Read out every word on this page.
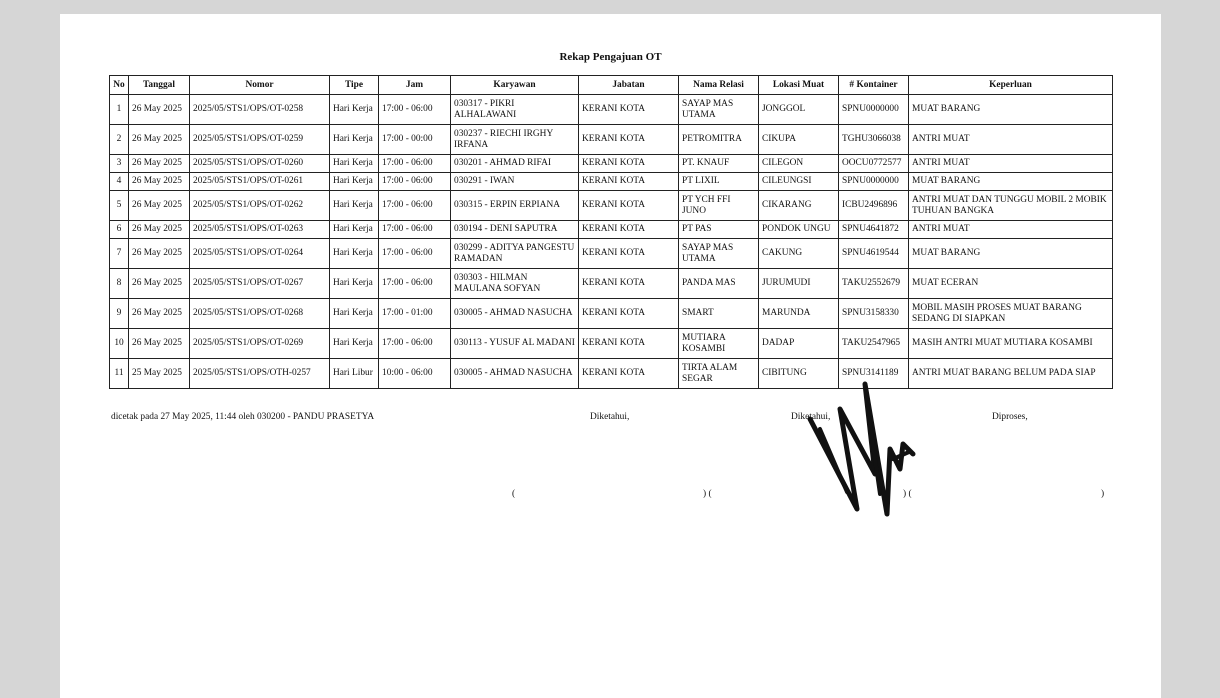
Rekap Pengajuan OT
No	Tanggal	Nomor	Tipe	Jam	Karyawan	Jabatan	Nama Relasi	Lokasi Muat	# Kontainer	Keperluan
1	26 May 2025	2025/05/STS1/OPS/OT-0258	Hari Kerja	17:00 - 06:00	030317 - PIKRI ALHALAWANI	KERANI KOTA	SAYAP MAS UTAMA	JONGGOL	SPNU0000000	MUAT BARANG
2	26 May 2025	2025/05/STS1/OPS/OT-0259	Hari Kerja	17:00 - 00:00	030237 - RIECHI IRGHY IRFANA	KERANI KOTA	PETROMITRA	CIKUPA	TGHU3066038	ANTRI MUAT
3	26 May 2025	2025/05/STS1/OPS/OT-0260	Hari Kerja	17:00 - 06:00	030201 - AHMAD RIFAI	KERANI KOTA	PT. KNAUF	CILEGON	OOCU0772577	ANTRI MUAT
4	26 May 2025	2025/05/STS1/OPS/OT-0261	Hari Kerja	17:00 - 06:00	030291 - IWAN	KERANI KOTA	PT LIXIL	CILEUNGSI	SPNU0000000	MUAT BARANG
5	26 May 2025	2025/05/STS1/OPS/OT-0262	Hari Kerja	17:00 - 06:00	030315 - ERPIN ERPIANA	KERANI KOTA	PT YCH FFI JUNO	CIKARANG	ICBU2496896	ANTRI MUAT DAN TUNGGU MOBIL 2 MOBIK TUHUAN BANGKA
6	26 May 2025	2025/05/STS1/OPS/OT-0263	Hari Kerja	17:00 - 06:00	030194 - DENI SAPUTRA	KERANI KOTA	PT PAS	PONDOK UNGU	SPNU4641872	ANTRI MUAT
7	26 May 2025	2025/05/STS1/OPS/OT-0264	Hari Kerja	17:00 - 06:00	030299 - ADITYA PANGESTU RAMADAN	KERANI KOTA	SAYAP MAS UTAMA	CAKUNG	SPNU4619544	MUAT BARANG
8	26 May 2025	2025/05/STS1/OPS/OT-0267	Hari Kerja	17:00 - 06:00	030303 - HILMAN MAULANA SOFYAN	KERANI KOTA	PANDA MAS	JURUMUDI	TAKU2552679	MUAT ECERAN
9	26 May 2025	2025/05/STS1/OPS/OT-0268	Hari Kerja	17:00 - 01:00	030005 - AHMAD NASUCHA	KERANI KOTA	SMART	MARUNDA	SPNU3158330	MOBIL MASIH PROSES MUAT BARANG SEDANG DI SIAPKAN
10	26 May 2025	2025/05/STS1/OPS/OT-0269	Hari Kerja	17:00 - 06:00	030113 - YUSUF AL MADANI	KERANI KOTA	MUTIARA KOSAMBI	DADAP	TAKU2547965	MASIH ANTRI MUAT MUTIARA KOSAMBI
11	25 May 2025	2025/05/STS1/OPS/OTH-0257	Hari Libur	10:00 - 06:00	030005 - AHMAD NASUCHA	KERANI KOTA	TIRTA ALAM SEGAR	CIBITUNG	SPNU3141189	ANTRI MUAT BARANG BELUM PADA SIAP
dicetak pada 27 May 2025, 11:44 oleh 030200 - PANDU PRASETYA	Diketahui,	Diketahui,	Diproses,
(	) (	) (	)
